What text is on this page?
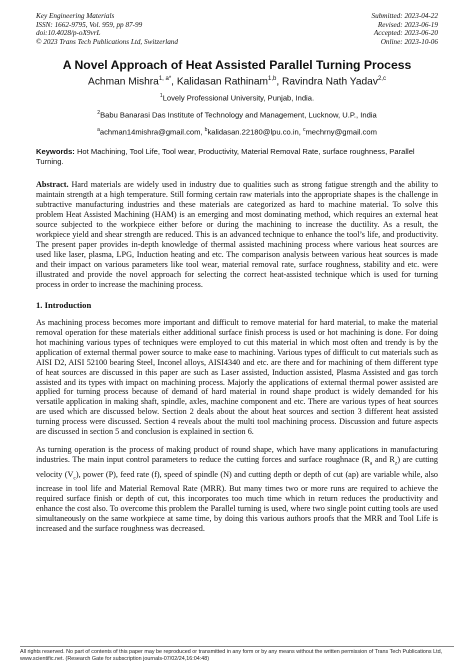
Key Engineering Materials
ISSN: 1662-9795, Vol. 959, pp 87-99
doi:10.4028/p-oX9vrL
© 2023 Trans Tech Publications Ltd, Switzerland
Submitted: 2023-04-22
Revised: 2023-06-19
Accepted: 2023-06-20
Online: 2023-10-06
A Novel Approach of Heat Assisted Parallel Turning Process
Achman Mishra$^{1, a*}$, Kalidasan Rathinam$^{1,b}$, Ravindra Nath Yadav$^{2,c}$
$^1$Lovely Professional University, Punjab, India.
$^2$Babu Banarasi Das Institute of Technology and Management, Lucknow, U.P., India
$^a$achman14mishra@gmail.com, $^b$kalidasan.22180@lpu.co.in, $^c$mechrny@gmail.com
Keywords: Hot Machining, Tool Life, Tool wear, Productivity, Material Removal Rate, surface roughness, Parallel Turning.

Abstract. Hard materials are widely used in industry due to qualities such as strong fatigue strength and the ability to maintain strength at a high temperature. Still forming certain raw materials into the appropriate shapes is the challenge in subtractive manufacturing industries and these materials are categorized as hard to machine material. To solve this problem Heat Assisted Machining (HAM) is an emerging and most dominating method, which requires an external heat source subjected to the workpiece either before or during the machining to increase the ductility. As a result, the workpiece yield and shear strength are reduced. This is an advanced technique to enhance the tool’s life, and productivity. The present paper provides in-depth knowledge of thermal assisted machining process where various heat sources are used like laser, plasma, LPG, Induction heating and etc. The comparison analysis between various heat sources is made and their impact on various parameters like tool wear, material removal rate, surface roughness, stability and etc. were illustrated and provide the novel approach for selecting the correct heat-assisted technique which is used for turning process in order to increase the machining process.

1. Introduction

As machining process becomes more important and difficult to remove material for hard material, to make the material removal operation for these materials either additional surface finish process is used or hot machining is done. For doing hot machining various types of techniques were employed to cut this material in which most often and trendy is by the application of external thermal power source to make ease to machining. Various types of difficult to cut materials such as AISI D2, AISI 52100 bearing Steel, Inconel alloys, AISI4340 and etc. are there and for machining of them different type of heat sources are discussed in this paper are such as Laser assisted, Induction assisted, Plasma Assisted and gas torch assisted and its types with impact on machining process. Majorly the applications of external thermal power assisted are applied for turning process because of demand of hard material in round shape product is widely demanded for his versatile application in making shaft, spindle, axles, machine component and etc. There are various types of heat sources are used which are discussed below. Section 2 deals about the about heat sources and section 3 different heat assisted turning process were discussed. Section 4 reveals about the multi tool machining process. Discussion and future aspects are discussed in section 5 and conclusion is explained in section 6.

As turning operation is the process of making product of round shape, which have many applications in manufacturing industries. The main input control parameters to reduce the cutting forces and surface roughnace ($R_a$ and $R_z$) are cutting velocity $(V_c)$, power (P), feed rate (f), speed of spindle (N) and cutting depth or depth of cut (ap) are variable while, also increase in tool life and Material Removal Rate (MRR). But many times two or more runs are required to achieve the required surface finish or depth of cut, this incorporates too much time which in return reduces the productivity and enhance the cost also. To overcome this problem the Parallel turning is used, where two single point cutting tools are used simultaneously on the same workpiece at same time, by doing this various authors proofs that the MRR and Tool Life is increased and the surface roughness was decreased.

All rights reserved. No part of contents of this paper may be reproduced or transmitted in any form or by any means without the written permission of Trans Tech Publications Ltd, www.scientific.net. (Research Gate for subscription journals-07/02/24,16:04:48)
